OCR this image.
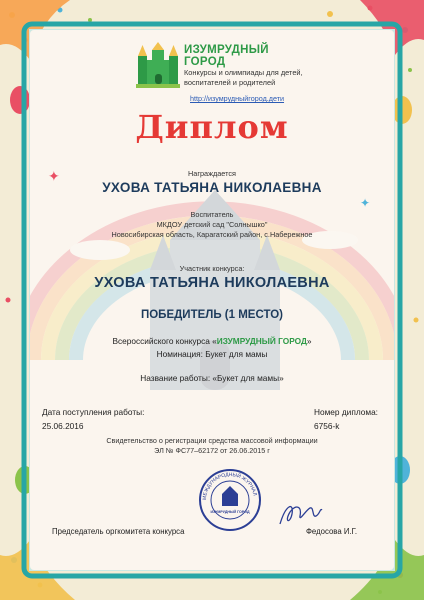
ИЗУМРУДНЫЙ
ГОРОД
Конкурсы и олимпиады для детей,
воспитателей и родителей
http://изумрудныйгород.дети
Диплом
Награждается
УХОВА ТАТЬЯНА НИКОЛАЕВНА
Воспитатель
МКДОУ детский сад "Солнышко"
Новосибирская область, Карагатский район, с.Набережное
Участник конкурса:
УХОВА ТАТЬЯНА НИКОЛАЕВНА
ПОБЕДИТЕЛЬ (1 МЕСТО)
Всероссийского конкурса «ИЗУМРУДНЫЙ ГОРОД»
Номинация: Букет для мамы
Название работы: «Букет для мамы»
Дата поступления работы:
25.06.2016
Номер диплома:
6756-k
Свидетельство о регистрации средства массовой информации
ЭЛ № ФС77–62172 от 26.06.2015 г
МЕЖДУНАРОДНЫЙ ЖУРНАЛ
ИЗУМРУДНЫЙ ГОРОД
Председатель оргкомитета конкурса	Федосова И.Г.
✦
✦
